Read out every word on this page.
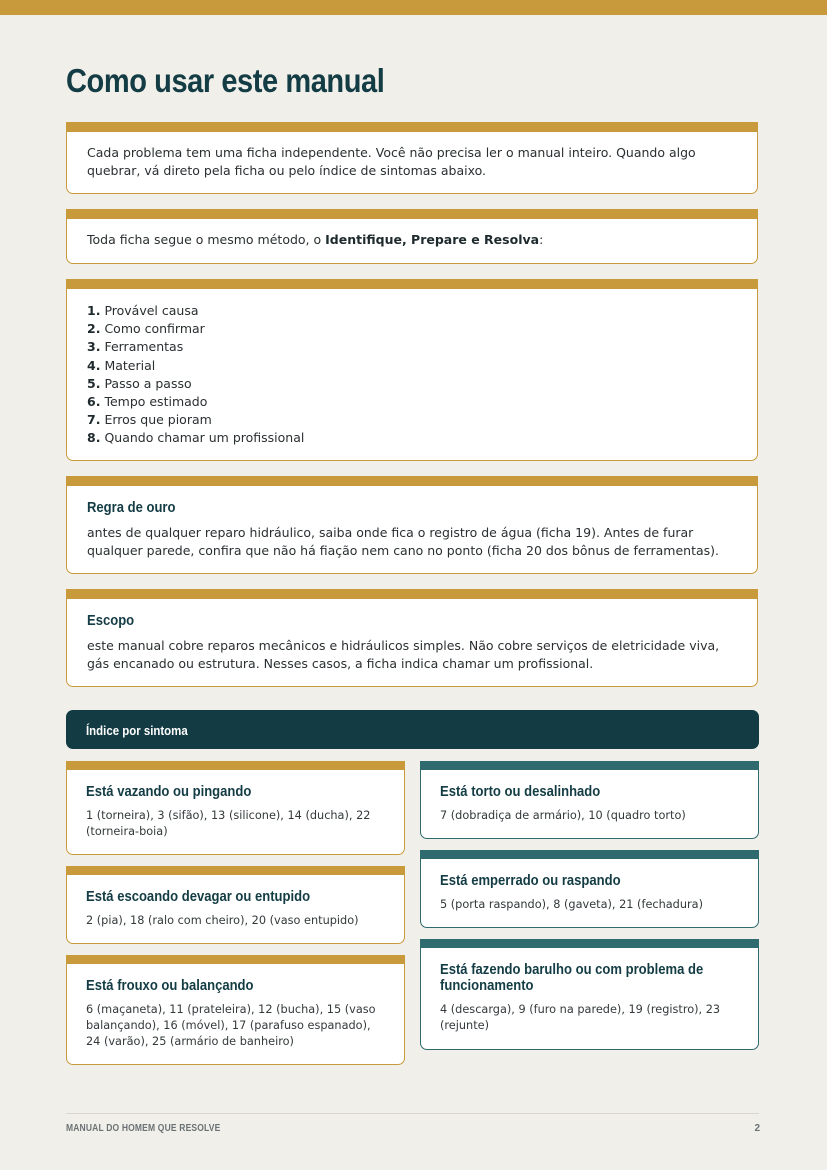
Como usar este manual

Cada problema tem uma ficha independente. Você não precisa ler o manual inteiro. Quando algo quebrar, vá direto pela ficha ou pelo índice de sintomas abaixo.

Toda ficha segue o mesmo método, o Identifique, Prepare e Resolva:

1. Provável causa
2. Como confirmar
3. Ferramentas
4. Material
5. Passo a passo
6. Tempo estimado
7. Erros que pioram
8. Quando chamar um profissional
Regra de ouro

antes de qualquer reparo hidráulico, saiba onde fica o registro de água (ficha 19). Antes de furar qualquer parede, confira que não há fiação nem cano no ponto (ficha 20 dos bônus de ferramentas).

Escopo

este manual cobre reparos mecânicos e hidráulicos simples. Não cobre serviços de eletricidade viva, gás encanado ou estrutura. Nesses casos, a ficha indica chamar um profissional.

Índice por sintoma
Está vazando ou pingando
1 (torneira), 3 (sifão), 13 (silicone), 14 (ducha), 22 (torneira-boia)
Está escoando devagar ou entupido
2 (pia), 18 (ralo com cheiro), 20 (vaso entupido)
Está frouxo ou balançando
6 (maçaneta), 11 (prateleira), 12 (bucha), 15 (vaso balançando), 16 (móvel), 17 (parafuso espanado), 24 (varão), 25 (armário de banheiro)
Está torto ou desalinhado
7 (dobradiça de armário), 10 (quadro torto)
Está emperrado ou raspando
5 (porta raspando), 8 (gaveta), 21 (fechadura)
Está fazendo barulho ou com problema de funcionamento
4 (descarga), 9 (furo na parede), 19 (registro), 23 (rejunte)
MANUAL DO HOMEM QUE RESOLVE	2
